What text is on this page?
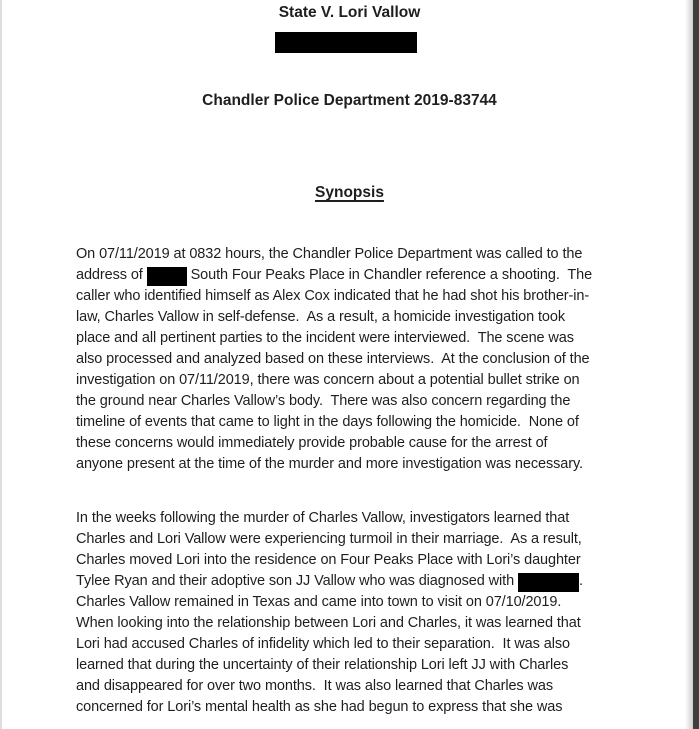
State V. Lori Vallow
Chandler Police Department 2019-83744
Synopsis
On 07/11/2019 at 0832 hours, the Chandler Police Department was called to the
address of	South Four Peaks Place in Chandler reference a shooting.  The
caller who identified himself as Alex Cox indicated that he had shot his brother-in-
law, Charles Vallow in self-defense.  As a result, a homicide investigation took
place and all pertinent parties to the incident were interviewed.  The scene was
also processed and analyzed based on these interviews.  At the conclusion of the
investigation on 07/11/2019, there was concern about a potential bullet strike on
the ground near Charles Vallow’s body.  There was also concern regarding the
timeline of events that came to light in the days following the homicide.  None of
these concerns would immediately provide probable cause for the arrest of
anyone present at the time of the murder and more investigation was necessary.
In the weeks following the murder of Charles Vallow, investigators learned that
Charles and Lori Vallow were experiencing turmoil in their marriage.  As a result,
Charles moved Lori into the residence on Four Peaks Place with Lori’s daughter
Tylee Ryan and their adoptive son JJ Vallow who was diagnosed with	.
Charles Vallow remained in Texas and came into town to visit on 07/10/2019.
When looking into the relationship between Lori and Charles, it was learned that
Lori had accused Charles of infidelity which led to their separation.  It was also
learned that during the uncertainty of their relationship Lori left JJ with Charles
and disappeared for over two months.  It was also learned that Charles was
concerned for Lori’s mental health as she had begun to express that she was
